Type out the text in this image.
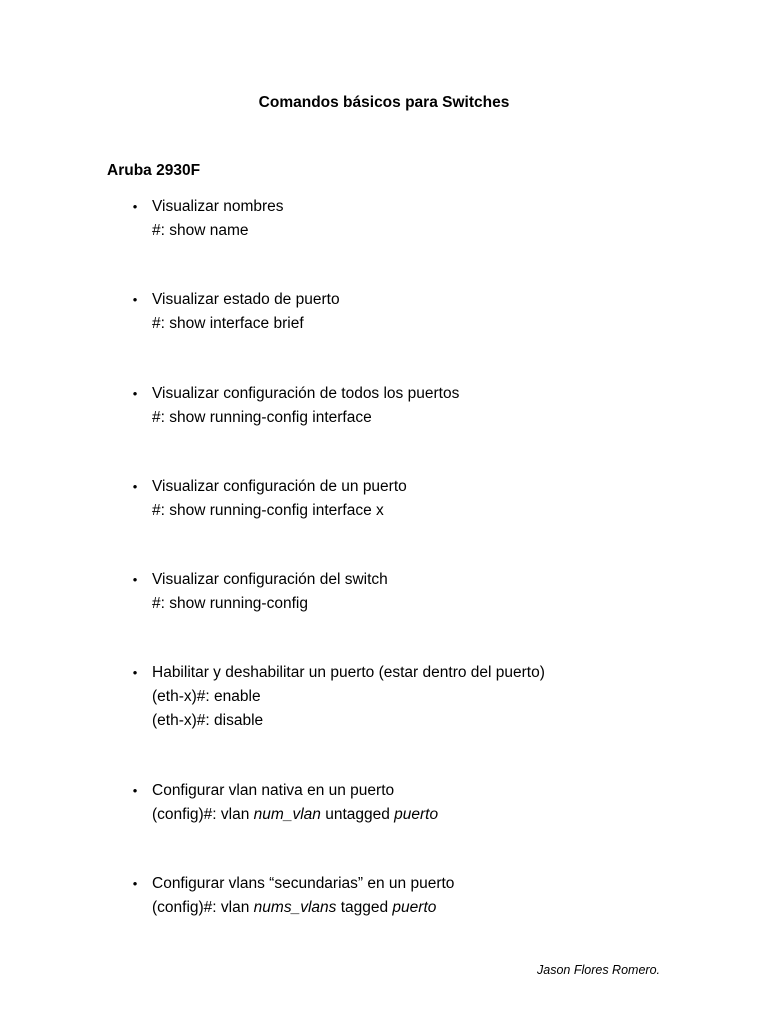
Comandos básicos para Switches
Aruba 2930F
• Visualizar nombres
#: show name
• Visualizar estado de puerto
#: show interface brief
• Visualizar configuración de todos los puertos
#: show running-config interface
• Visualizar configuración de un puerto
#: show running-config interface x
• Visualizar configuración del switch
#: show running-config
• Habilitar y deshabilitar un puerto (estar dentro del puerto)
(eth-x)#: enable
(eth-x)#: disable
• Configurar vlan nativa en un puerto
(config)#: vlan num_vlan untagged puerto
• Configurar vlans “secundarias” en un puerto
(config)#: vlan nums_vlans tagged puerto
Jason Flores Romero.
